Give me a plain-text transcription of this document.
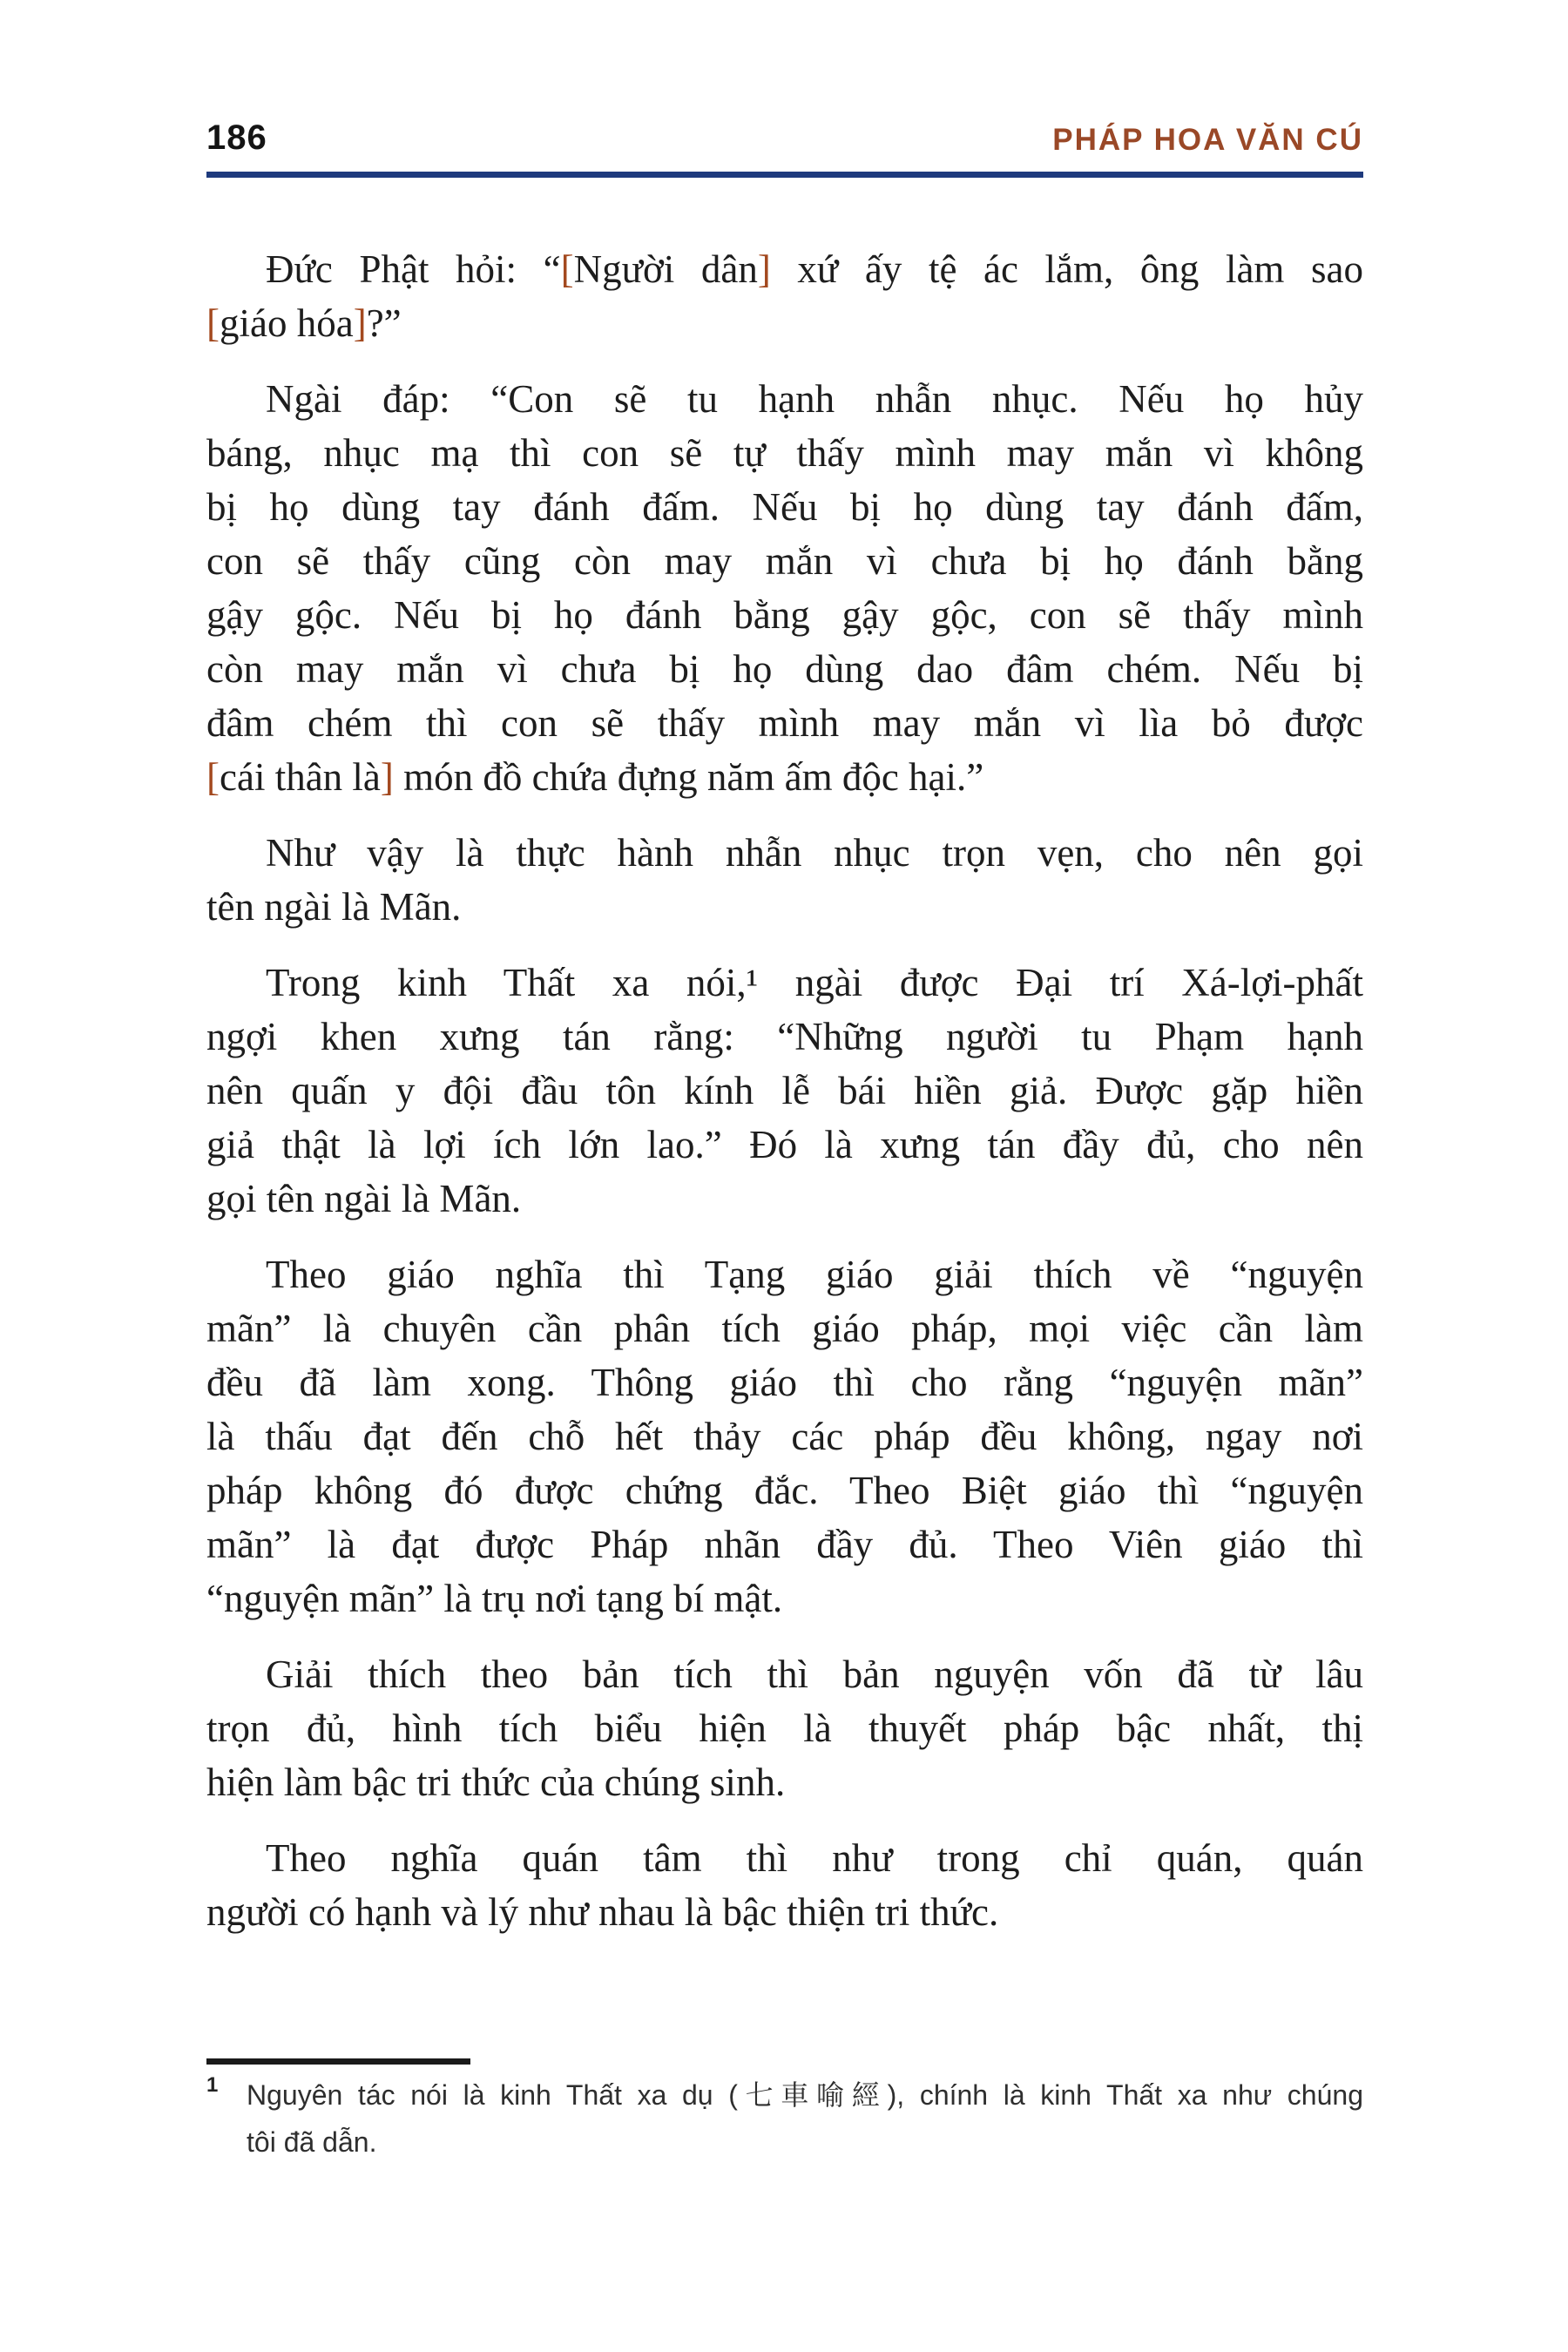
186	PHÁP HOA VĂN CÚ
Đức Phật hỏi: “[Người dân] xứ ấy tệ ác lắm, ông làm sao
[giáo hóa]?”
Ngài đáp: “Con sẽ tu hạnh nhẫn nhục. Nếu họ hủy
báng, nhục mạ thì con sẽ tự thấy mình may mắn vì không
bị họ dùng tay đánh đấm. Nếu bị họ dùng tay đánh đấm,
con sẽ thấy cũng còn may mắn vì chưa bị họ đánh bằng
gậy gộc. Nếu bị họ đánh bằng gậy gộc, con sẽ thấy mình
còn may mắn vì chưa bị họ dùng dao đâm chém. Nếu bị
đâm chém thì con sẽ thấy mình may mắn vì lìa bỏ được
[cái thân là] món đồ chứa đựng năm ấm độc hại.”
Như vậy là thực hành nhẫn nhục trọn vẹn, cho nên gọi
tên ngài là Mãn.
Trong kinh Thất xa nói,¹ ngài được Đại trí Xá-lợi-phất
ngợi khen xưng tán rằng: “Những người tu Phạm hạnh
nên quấn y đội đầu tôn kính lễ bái hiền giả. Được gặp hiền
giả thật là lợi ích lớn lao.” Đó là xưng tán đầy đủ, cho nên
gọi tên ngài là Mãn.
Theo giáo nghĩa thì Tạng giáo giải thích về “nguyện
mãn” là chuyên cần phân tích giáo pháp, mọi việc cần làm
đều đã làm xong. Thông giáo thì cho rằng “nguyện mãn”
là thấu đạt đến chỗ hết thảy các pháp đều không, ngay nơi
pháp không đó được chứng đắc. Theo Biệt giáo thì “nguyện
mãn” là đạt được Pháp nhãn đầy đủ. Theo Viên giáo thì
“nguyện mãn” là trụ nơi tạng bí mật.
Giải thích theo bản tích thì bản nguyện vốn đã từ lâu
trọn đủ, hình tích biểu hiện là thuyết pháp bậc nhất, thị
hiện làm bậc tri thức của chúng sinh.
Theo nghĩa quán tâm thì như trong chỉ quán, quán
người có hạnh và lý như nhau là bậc thiện tri thức.
1 Nguyên tác nói là kinh Thất xa dụ (七車喻經), chính là kinh Thất xa như chúng
tôi đã dẫn.
